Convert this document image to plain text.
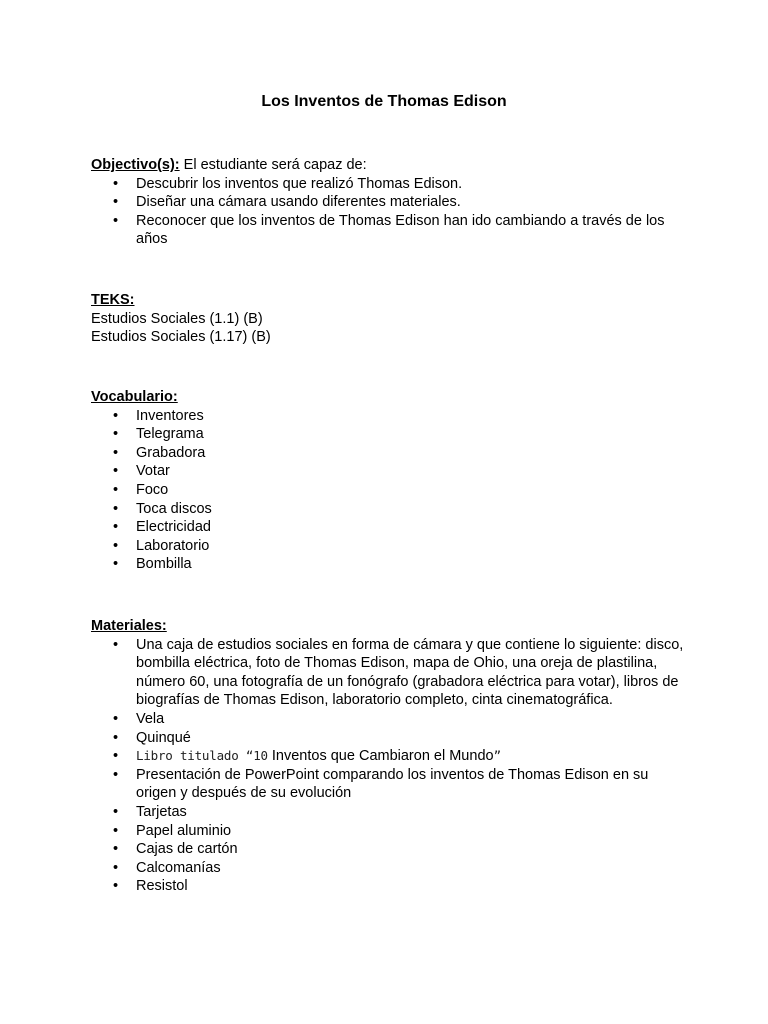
Los Inventos de Thomas Edison
Objectivo(s): El estudiante será capaz de:
• Descubrir los inventos que realizó Thomas Edison.
• Diseñar una cámara usando diferentes materiales.
• Reconocer que los inventos de Thomas Edison han ido cambiando a través de los años
TEKS:
Estudios Sociales (1.1) (B)
Estudios Sociales (1.17) (B)
Vocabulario:
• Inventores
• Telegrama
• Grabadora
• Votar
• Foco
• Toca discos
• Electricidad
• Laboratorio
• Bombilla
Materiales:
• Una caja de estudios sociales en forma de cámara y que contiene lo siguiente: disco, bombilla eléctrica, foto de Thomas Edison, mapa de Ohio, una oreja de plastilina, número 60, una fotografía de un fonógrafo (grabadora eléctrica para votar), libros de biografías de Thomas Edison, laboratorio completo, cinta cinematográfica.
• Vela
• Quinqué
• Libro titulado “10 Inventos que Cambiaron el Mundo”
• Presentación de PowerPoint comparando los inventos de Thomas Edison en su origen y después de su evolución
• Tarjetas
• Papel aluminio
• Cajas de cartón
• Calcomanías
• Resistol
